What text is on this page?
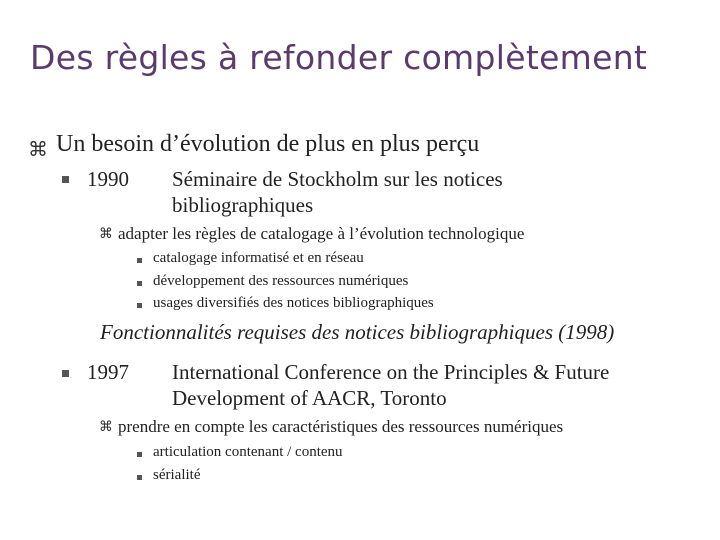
Des règles à refonder complètement
⌘ Un besoin d’évolution de plus en plus perçu
1990 Séminaire de Stockholm sur les notices
bibliographiques
⌘ adapter les règles de catalogage à l’évolution technologique
catalogage informatisé et en réseau
développement des ressources numériques
usages diversifiés des notices bibliographiques
Fonctionnalités requises des notices bibliographiques (1998)
1997 International Conference on the Principles & Future
Development of AACR, Toronto
⌘ prendre en compte les caractéristiques des ressources numériques
articulation contenant / contenu
sérialité
